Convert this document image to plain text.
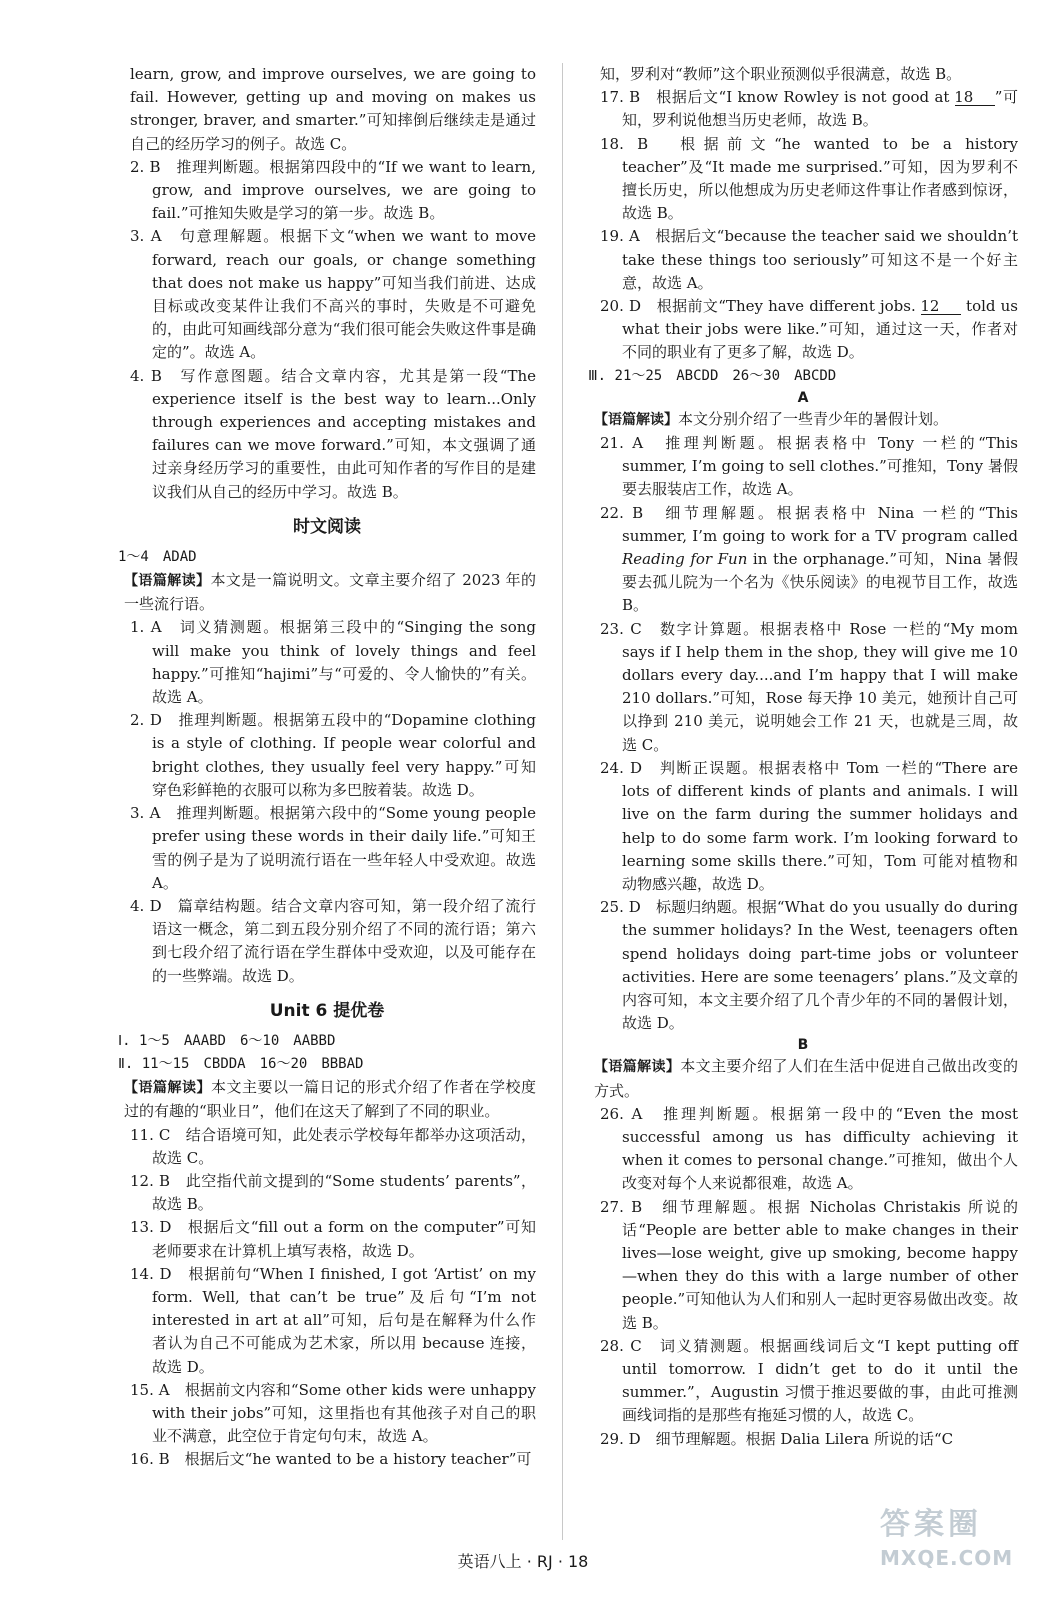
learn, grow, and improve ourselves, we are going to fail. However, getting up and moving on makes us stronger, braver, and smarter.”可知摔倒后继续走是通过自己的经历学习的例子。故选 C。

2. B　推理判断题。根据第四段中的“If we want to learn, grow, and improve ourselves, we are going to fail.”可推知失败是学习的第一步。故选 B。

3. A　句意理解题。根据下文“when we want to move forward, reach our goals, or change something that does not make us happy”可知当我们前进、达成目标或改变某件让我们不高兴的事时，失败是不可避免的，由此可知画线部分意为“我们很可能会失败这件事是确定的”。故选 A。

4. B　写作意图题。结合文章内容，尤其是第一段“The experience itself is the best way to learn...Only through experiences and accepting mistakes and failures can we move forward.”可知，本文强调了通过亲身经历学习的重要性，由此可知作者的写作目的是建议我们从自己的经历中学习。故选 B。

时文阅读

1～4　ADAD

【语篇解读】本文是一篇说明文。文章主要介绍了 2023 年的一些流行语。

1. A　词义猜测题。根据第三段中的“Singing the song will make you think of lovely things and feel happy.”可推知“hajimi”与“可爱的、令人愉快的”有关。故选 A。

2. D　推理判断题。根据第五段中的“Dopamine clothing is a style of clothing. If people wear colorful and bright clothes, they usually feel very happy.”可知穿色彩鲜艳的衣服可以称为多巴胺着装。故选 D。

3. A　推理判断题。根据第六段中的“Some young people prefer using these words in their daily life.”可知王雪的例子是为了说明流行语在一些年轻人中受欢迎。故选 A。

4. D　篇章结构题。结合文章内容可知，第一段介绍了流行语这一概念，第二到五段分别介绍了不同的流行语；第六到七段介绍了流行语在学生群体中受欢迎，以及可能存在的一些弊端。故选 D。

Unit 6 提优卷

Ⅰ. 1～5　AAABD　6～10　AABBD

Ⅱ. 11～15　CBDDA　16～20　BBBAD

【语篇解读】本文主要以一篇日记的形式介绍了作者在学校度过的有趣的“职业日”，他们在这天了解到了不同的职业。

11. C　结合语境可知，此处表示学校每年都举办这项活动，故选 C。

12. B　此空指代前文提到的“Some students’ parents”，故选 B。

13. D　根据后文“fill out a form on the computer”可知老师要求在计算机上填写表格，故选 D。

14. D　根据前句“When I finished, I got ‘Artist’ on my form. Well, that can’t be true”及后句“I’m not interested in art at all”可知，后句是在解释为什么作者认为自己不可能成为艺术家，所以用 because 连接，故选 D。

15. A　根据前文内容和“Some other kids were unhappy with their jobs”可知，这里指也有其他孩子对自己的职业不满意，此空位于肯定句句末，故选 A。

16. B　根据后文“he wanted to be a history teacher”可

知，罗利对“教师”这个职业预测似乎很满意，故选 B。

17. B　根据后文“I know Rowley is not good at 18 ”可知，罗利说他想当历史老师，故选 B。

18. B　根据前文“he wanted to be a history teacher”及“It made me surprised.”可知，因为罗利不擅长历史，所以他想成为历史老师这件事让作者感到惊讶，故选 B。

19. A　根据后文“because the teacher said we shouldn’t take these things too seriously”可知这不是一个好主意，故选 A。

20. D　根据前文“They have different jobs. 12 told us what their jobs were like.”可知，通过这一天，作者对不同的职业有了更多了解，故选 D。

Ⅲ. 21～25　ABCDD　26～30　ABCDD

A

【语篇解读】本文分别介绍了一些青少年的暑假计划。

21. A　推理判断题。根据表格中 Tony 一栏的“This summer, I’m going to sell clothes.”可推知，Tony 暑假要去服装店工作，故选 A。

22. B　细节理解题。根据表格中 Nina 一栏的“This summer, I’m going to work for a TV program called Reading for Fun in the orphanage.”可知，Nina 暑假要去孤儿院为一个名为《快乐阅读》的电视节目工作，故选 B。

23. C　数字计算题。根据表格中 Rose 一栏的“My mom says if I help them in the shop, they will give me 10 dollars every day....and I’m happy that I will make 210 dollars.”可知，Rose 每天挣 10 美元，她预计自己可以挣到 210 美元，说明她会工作 21 天，也就是三周，故选 C。

24. D　判断正误题。根据表格中 Tom 一栏的“There are lots of different kinds of plants and animals. I will live on the farm during the summer holidays and help to do some farm work. I’m looking forward to learning some skills there.”可知，Tom 可能对植物和动物感兴趣，故选 D。

25. D　标题归纳题。根据“What do you usually do during the summer holidays? In the West, teenagers often spend holidays doing part-time jobs or volunteer activities. Here are some teenagers’ plans.”及文章的内容可知，本文主要介绍了几个青少年的不同的暑假计划，故选 D。

B

【语篇解读】本文主要介绍了人们在生活中促进自己做出改变的方式。

26. A　推理判断题。根据第一段中的“Even the most successful among us has difficulty achieving it when it comes to personal change.”可推知，做出个人改变对每个人来说都很难，故选 A。

27. B　细节理解题。根据 Nicholas Christakis 所说的话“People are better able to make changes in their lives—lose weight, give up smoking, become happy—when they do this with a large number of other people.”可知他认为人们和别人一起时更容易做出改变。故选 B。

28. C　词义猜测题。根据画线词后文“I kept putting off until tomorrow. I didn’t get to do it until the summer.”，Augustin 习惯于推迟要做的事，由此可推测画线词指的是那些有拖延习惯的人，故选 C。

29. D　细节理解题。根据 Dalia Lilera 所说的话“C

英语八上 · RJ · 18
答案圈
MXQE.COM
